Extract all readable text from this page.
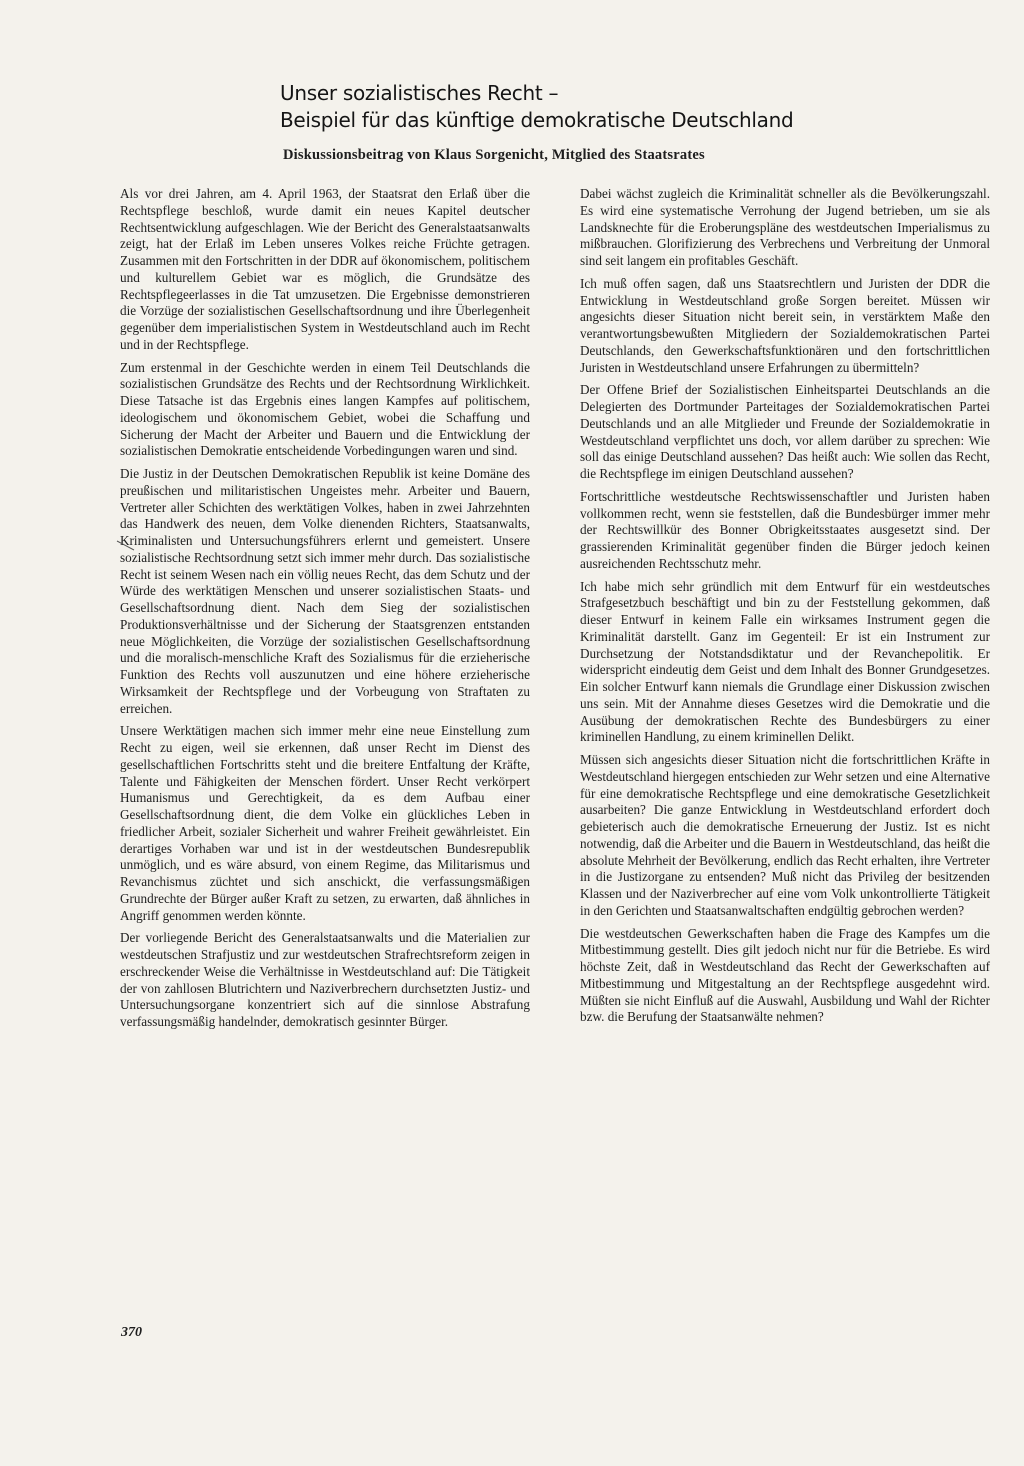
Unser sozialistisches Recht –
Beispiel für das künftige demokratische Deutschland
Diskussionsbeitrag von Klaus Sorgenicht, Mitglied des Staatsrates

Als vor drei Jahren, am 4. April 1963, der Staatsrat den Erlaß über die Rechtspflege beschloß, wurde damit ein neues Kapitel deutscher Rechtsentwicklung aufgeschlagen. Wie der Bericht des Generalstaatsanwalts zeigt, hat der Erlaß im Leben unseres Volkes reiche Früchte getragen. Zusammen mit den Fortschritten in der DDR auf ökonomischem, politischem und kulturellem Gebiet war es möglich, die Grundsätze des Rechtspflegeerlasses in die Tat umzusetzen. Die Ergebnisse demonstrieren die Vorzüge der sozialistischen Gesellschaftsordnung und ihre Überlegenheit gegenüber dem imperialistischen System in Westdeutschland auch im Recht und in der Rechtspflege.

Zum erstenmal in der Geschichte werden in einem Teil Deutschlands die sozialistischen Grundsätze des Rechts und der Rechtsordnung Wirklichkeit. Diese Tatsache ist das Ergebnis eines langen Kampfes auf politischem, ideologischem und ökonomischem Gebiet, wobei die Schaffung und Sicherung der Macht der Arbeiter und Bauern und die Entwicklung der sozialistischen Demokratie entscheidende Vorbedingungen waren und sind.

Die Justiz in der Deutschen Demokratischen Republik ist keine Domäne des preußischen und militaristischen Ungeistes mehr. Arbeiter und Bauern, Vertreter aller Schichten des werktätigen Volkes, haben in zwei Jahrzehnten das Handwerk des neuen, dem Volke dienenden Richters, Staatsanwalts, Kriminalisten und Untersuchungsführers erlernt und gemeistert. Unsere sozialistische Rechtsordnung setzt sich immer mehr durch. Das sozialistische Recht ist seinem Wesen nach ein völlig neues Recht, das dem Schutz und der Würde des werktätigen Menschen und unserer sozialistischen Staats- und Gesellschaftsordnung dient. Nach dem Sieg der sozialistischen Produktionsverhältnisse und der Sicherung der Staatsgrenzen entstanden neue Möglichkeiten, die Vorzüge der sozialistischen Gesellschaftsordnung und die moralisch-menschliche Kraft des Sozialismus für die erzieherische Funktion des Rechts voll auszunutzen und eine höhere erzieherische Wirksamkeit der Rechtspflege und der Vorbeugung von Straftaten zu erreichen.

Unsere Werktätigen machen sich immer mehr eine neue Einstellung zum Recht zu eigen, weil sie erkennen, daß unser Recht im Dienst des gesellschaftlichen Fortschritts steht und die breitere Entfaltung der Kräfte, Talente und Fähigkeiten der Menschen fördert. Unser Recht verkörpert Humanismus und Gerechtigkeit, da es dem Aufbau einer Gesellschaftsordnung dient, die dem Volke ein glückliches Leben in friedlicher Arbeit, sozialer Sicherheit und wahrer Freiheit gewährleistet. Ein derartiges Vorhaben war und ist in der westdeutschen Bundesrepublik unmöglich, und es wäre absurd, von einem Regime, das Militarismus und Revanchismus züchtet und sich anschickt, die verfassungsmäßigen Grundrechte der Bürger außer Kraft zu setzen, zu erwarten, daß ähnliches in Angriff genommen werden könnte.

Der vorliegende Bericht des Generalstaatsanwalts und die Materialien zur westdeutschen Strafjustiz und zur westdeutschen Strafrechtsreform zeigen in erschreckender Weise die Verhältnisse in Westdeutschland auf: Die Tätigkeit der von zahllosen Blutrichtern und Naziverbrechern durchsetzten Justiz- und Untersuchungsorgane konzentriert sich auf die sinnlose Abstrafung verfassungsmäßig handelnder, demokratisch gesinnter Bürger.

Dabei wächst zugleich die Kriminalität schneller als die Bevölkerungszahl. Es wird eine systematische Verrohung der Jugend betrieben, um sie als Landsknechte für die Eroberungspläne des westdeutschen Imperialismus zu mißbrauchen. Glorifizierung des Verbrechens und Verbreitung der Unmoral sind seit langem ein profitables Geschäft.

Ich muß offen sagen, daß uns Staatsrechtlern und Juristen der DDR die Entwicklung in Westdeutschland große Sorgen bereitet. Müssen wir angesichts dieser Situation nicht bereit sein, in verstärktem Maße den verantwortungsbewußten Mitgliedern der Sozialdemokratischen Partei Deutschlands, den Gewerkschaftsfunktionären und den fortschrittlichen Juristen in Westdeutschland unsere Erfahrungen zu übermitteln?

Der Offene Brief der Sozialistischen Einheitspartei Deutschlands an die Delegierten des Dortmunder Parteitages der Sozialdemokratischen Partei Deutschlands und an alle Mitglieder und Freunde der Sozialdemokratie in Westdeutschland verpflichtet uns doch, vor allem darüber zu sprechen: Wie soll das einige Deutschland aussehen? Das heißt auch: Wie sollen das Recht, die Rechtspflege im einigen Deutschland aussehen?

Fortschrittliche westdeutsche Rechtswissenschaftler und Juristen haben vollkommen recht, wenn sie feststellen, daß die Bundesbürger immer mehr der Rechtswillkür des Bonner Obrigkeitsstaates ausgesetzt sind. Der grassierenden Kriminalität gegenüber finden die Bürger jedoch keinen ausreichenden Rechtsschutz mehr.

Ich habe mich sehr gründlich mit dem Entwurf für ein westdeutsches Strafgesetzbuch beschäftigt und bin zu der Feststellung gekommen, daß dieser Entwurf in keinem Falle ein wirksames Instrument gegen die Kriminalität darstellt. Ganz im Gegenteil: Er ist ein Instrument zur Durchsetzung der Notstandsdiktatur und der Revanchepolitik. Er widerspricht eindeutig dem Geist und dem Inhalt des Bonner Grundgesetzes. Ein solcher Entwurf kann niemals die Grundlage einer Diskussion zwischen uns sein. Mit der Annahme dieses Gesetzes wird die Demokratie und die Ausübung der demokratischen Rechte des Bundesbürgers zu einer kriminellen Handlung, zu einem kriminellen Delikt.

Müssen sich angesichts dieser Situation nicht die fortschrittlichen Kräfte in Westdeutschland hiergegen entschieden zur Wehr setzen und eine Alternative für eine demokratische Rechtspflege und eine demokratische Gesetzlichkeit ausarbeiten? Die ganze Entwicklung in Westdeutschland erfordert doch gebieterisch auch die demokratische Erneuerung der Justiz. Ist es nicht notwendig, daß die Arbeiter und die Bauern in Westdeutschland, das heißt die absolute Mehrheit der Bevölkerung, endlich das Recht erhalten, ihre Vertreter in die Justizorgane zu entsenden? Muß nicht das Privileg der besitzenden Klassen und der Naziverbrecher auf eine vom Volk unkontrollierte Tätigkeit in den Gerichten und Staatsanwaltschaften endgültig gebrochen werden?

Die westdeutschen Gewerkschaften haben die Frage des Kampfes um die Mitbestimmung gestellt. Dies gilt jedoch nicht nur für die Betriebe. Es wird höchste Zeit, daß in Westdeutschland das Recht der Gewerkschaften auf Mitbestimmung und Mitgestaltung an der Rechtspflege ausgedehnt wird. Müßten sie nicht Einfluß auf die Auswahl, Ausbildung und Wahl der Richter bzw. die Berufung der Staatsanwälte nehmen?

370
